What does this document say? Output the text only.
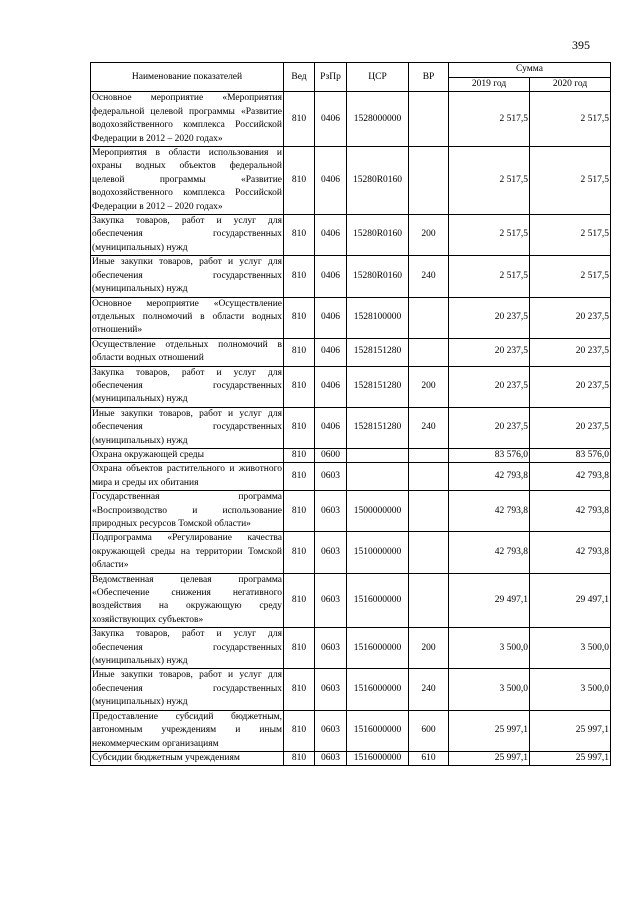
395
Наименование показателей	Вед	РзПр	ЦСР	ВР	Сумма	
					2019 год	2020 год
Основное мероприятие «Мероприятия федеральной целевой программы «Развитие водохозяйственного комплекса Российской Федерации в 2012 – 2020 годах»	810	0406	1528000000		2 517,5	2 517,5
Мероприятия в области использования и охраны водных объектов федеральной целевой программы «Развитие водохозяйственного комплекса Российской Федерации в 2012 – 2020 годах»	810	0406	15280R0160		2 517,5	2 517,5
Закупка товаров, работ и услуг для обеспечения государственных (муниципальных) нужд	810	0406	15280R0160	200	2 517,5	2 517,5
Иные закупки товаров, работ и услуг для обеспечения государственных (муниципальных) нужд	810	0406	15280R0160	240	2 517,5	2 517,5
Основное мероприятие «Осуществление отдельных полномочий в области водных отношений»	810	0406	1528100000		20 237,5	20 237,5
Осуществление отдельных полномочий в области водных отношений	810	0406	1528151280		20 237,5	20 237,5
Закупка товаров, работ и услуг для обеспечения государственных (муниципальных) нужд	810	0406	1528151280	200	20 237,5	20 237,5
Иные закупки товаров, работ и услуг для обеспечения государственных (муниципальных) нужд	810	0406	1528151280	240	20 237,5	20 237,5
Охрана окружающей среды	810	0600			83 576,0	83 576,0
Охрана объектов растительного и животного мира и среды их обитания	810	0603			42 793,8	42 793,8
Государственная программа «Воспроизводство и использование природных ресурсов Томской области»	810	0603	1500000000		42 793,8	42 793,8
Подпрограмма «Регулирование качества окружающей среды на территории Томской области»	810	0603	1510000000		42 793,8	42 793,8
Ведомственная целевая программа «Обеспечение снижения негативного воздействия на окружающую среду хозяйствующих субъектов»	810	0603	1516000000		29 497,1	29 497,1
Закупка товаров, работ и услуг для обеспечения государственных (муниципальных) нужд	810	0603	1516000000	200	3 500,0	3 500,0
Иные закупки товаров, работ и услуг для обеспечения государственных (муниципальных) нужд	810	0603	1516000000	240	3 500,0	3 500,0
Предоставление субсидий бюджетным, автономным учреждениям и иным некоммерческим организациям	810	0603	1516000000	600	25 997,1	25 997,1
Субсидии бюджетным учреждениям	810	0603	1516000000	610	25 997,1	25 997,1
